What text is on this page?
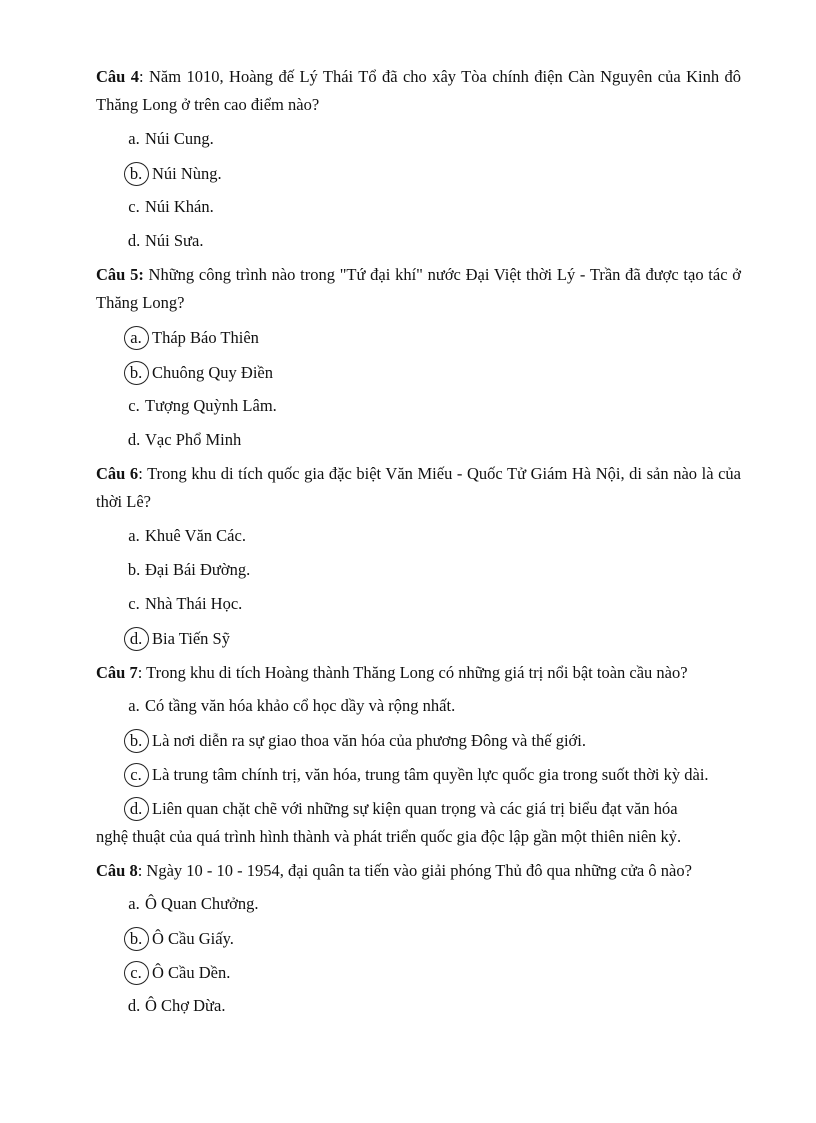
Câu 4: Năm 1010, Hoàng đế Lý Thái Tổ đã cho xây Tòa chính điện Càn Nguyên của Kinh đô Thăng Long ở trên cao điểm nào?
a. Núi Cung.
b. Núi Nùng.
c. Núi Khán.
d. Núi Sưa.
Câu 5: Những công trình nào trong "Tứ đại khí" nước Đại Việt thời Lý - Trần đã được tạo tác ở Thăng Long?
a. Tháp Báo Thiên
b. Chuông Quy Điền
c. Tượng Quỳnh Lâm.
d. Vạc Phổ Minh
Câu 6: Trong khu di tích quốc gia đặc biệt Văn Miếu - Quốc Tử Giám Hà Nội, di sản nào là của thời Lê?
a. Khuê Văn Các.
b. Đại Bái Đường.
c. Nhà Thái Học.
d. Bia Tiến Sỹ
Câu 7: Trong khu di tích Hoàng thành Thăng Long có những giá trị nổi bật toàn cầu nào?
a. Có tầng văn hóa khảo cổ học dầy và rộng nhất.
b. Là nơi diễn ra sự giao thoa văn hóa của phương Đông và thế giới.
c. Là trung tâm chính trị, văn hóa, trung tâm quyền lực quốc gia trong suốt thời kỳ dài.
d. Liên quan chặt chẽ với những sự kiện quan trọng và các giá trị biểu đạt văn hóa
nghệ thuật của quá trình hình thành và phát triển quốc gia độc lập gần một thiên niên kỷ.
Câu 8: Ngày 10 - 10 - 1954, đại quân ta tiến vào giải phóng Thủ đô qua những cửa ô nào?
a. Ô Quan Chưởng.
b. Ô Cầu Giấy.
c. Ô Cầu Dền.
d. Ô Chợ Dừa.
